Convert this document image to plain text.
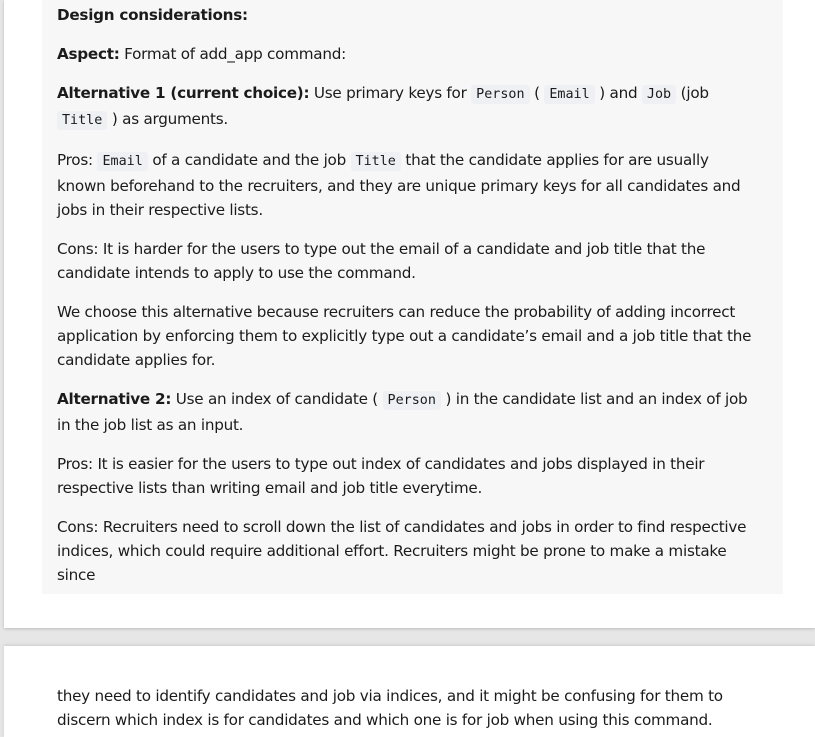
Design considerations:

Aspect: Format of add_app command:

Alternative 1 (current choice): Use primary keys for Person ( Email ) and Job (job Title ) as arguments.

Pros: Email of a candidate and the job Title that the candidate applies for are usually known beforehand to the recruiters, and they are unique primary keys for all candidates and jobs in their respective lists.

Cons: It is harder for the users to type out the email of a candidate and job title that the candidate intends to apply to use the command.

We choose this alternative because recruiters can reduce the probability of adding incorrect application by enforcing them to explicitly type out a candidate’s email and a job title that the candidate applies for.

Alternative 2: Use an index of candidate ( Person ) in the candidate list and an index of job in the job list as an input.

Pros: It is easier for the users to type out index of candidates and jobs displayed in their respective lists than writing email and job title everytime.

Cons: Recruiters need to scroll down the list of candidates and jobs in order to find respective indices, which could require additional effort. Recruiters might be prone to make a mistake since

they need to identify candidates and job via indices, and it might be confusing for them to discern which index is for candidates and which one is for job when using this command.
